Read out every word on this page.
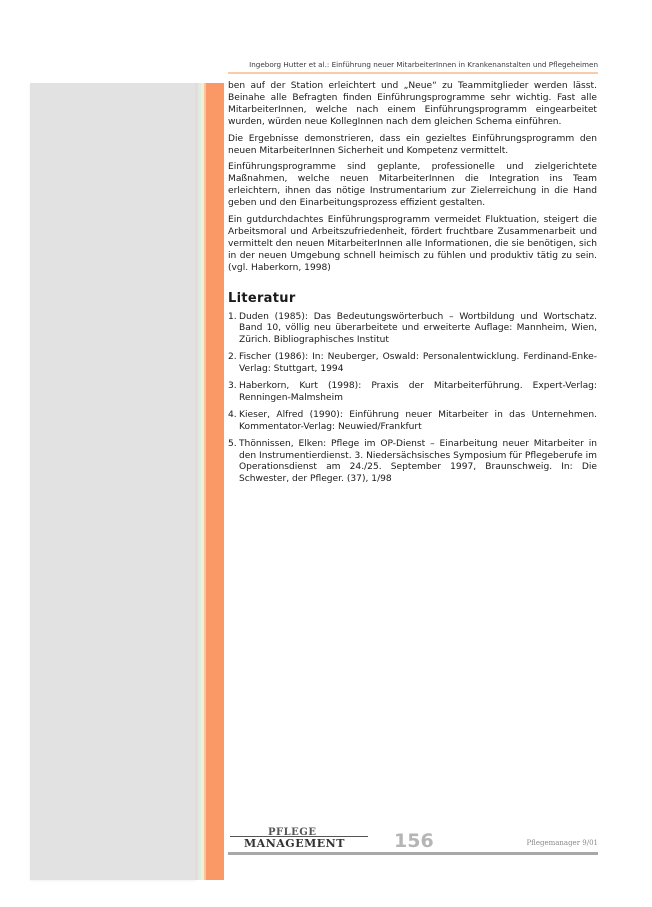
Ingeborg Hutter et al.: Einführung neuer MitarbeiterInnen in Krankenanstalten und Pflegeheimen

ben auf der Station erleichtert und „Neue“ zu Teammitglieder werden lässt. Beinahe alle Befragten finden Einführungsprogramme sehr wichtig. Fast alle MitarbeiterInnen, welche nach einem Einführungsprogramm eingearbeitet wurden, würden neue KollegInnen nach dem gleichen Schema einführen.

Die Ergebnisse demonstrieren, dass ein gezieltes Einführungsprogramm den neuen MitarbeiterInnen Sicherheit und Kompetenz vermittelt.

Einführungsprogramme sind geplante, professionelle und zielgerichtete Maßnahmen, welche neuen MitarbeiterInnen die Integration ins Team erleichtern, ihnen das nötige Instrumentarium zur Zielerreichung in die Hand geben und den Einarbeitungsprozess effizient gestalten.

Ein gutdurchdachtes Einführungsprogramm vermeidet Fluktuation, steigert die Arbeitsmoral und Arbeitszufriedenheit, fördert fruchtbare Zusammenarbeit und vermittelt den neuen MitarbeiterInnen alle Informationen, die sie benötigen, sich in der neuen Umgebung schnell heimisch zu fühlen und produktiv tätig zu sein. (vgl. Haberkorn, 1998)

Literatur
1. Duden (1985): Das Bedeutungswörterbuch – Wortbildung und Wortschatz. Band 10, völlig neu überarbeitete und erweiterte Auflage: Mannheim, Wien, Zürich. Bibliographisches Institut
2. Fischer (1986): In: Neuberger, Oswald: Personalentwicklung. Ferdinand-Enke-Verlag: Stuttgart, 1994
3. Haberkorn, Kurt (1998): Praxis der Mitarbeiterführung. Expert-Verlag: Renningen-Malmsheim
4. Kieser, Alfred (1990): Einführung neuer Mitarbeiter in das Unternehmen. Kommentator-Verlag: Neuwied/Frankfurt
5. Thönnissen, Elken: Pflege im OP-Dienst – Einarbeitung neuer Mitarbeiter in den Instrumentierdienst. 3. Niedersächsisches Symposium für Pflegeberufe im Operationsdienst am 24./25. September 1997, Braunschweig. In: Die Schwester, der Pfleger. (37), 1/98
PFLEGE
MANAGEMENT	156	Pflegemanager 9/01
